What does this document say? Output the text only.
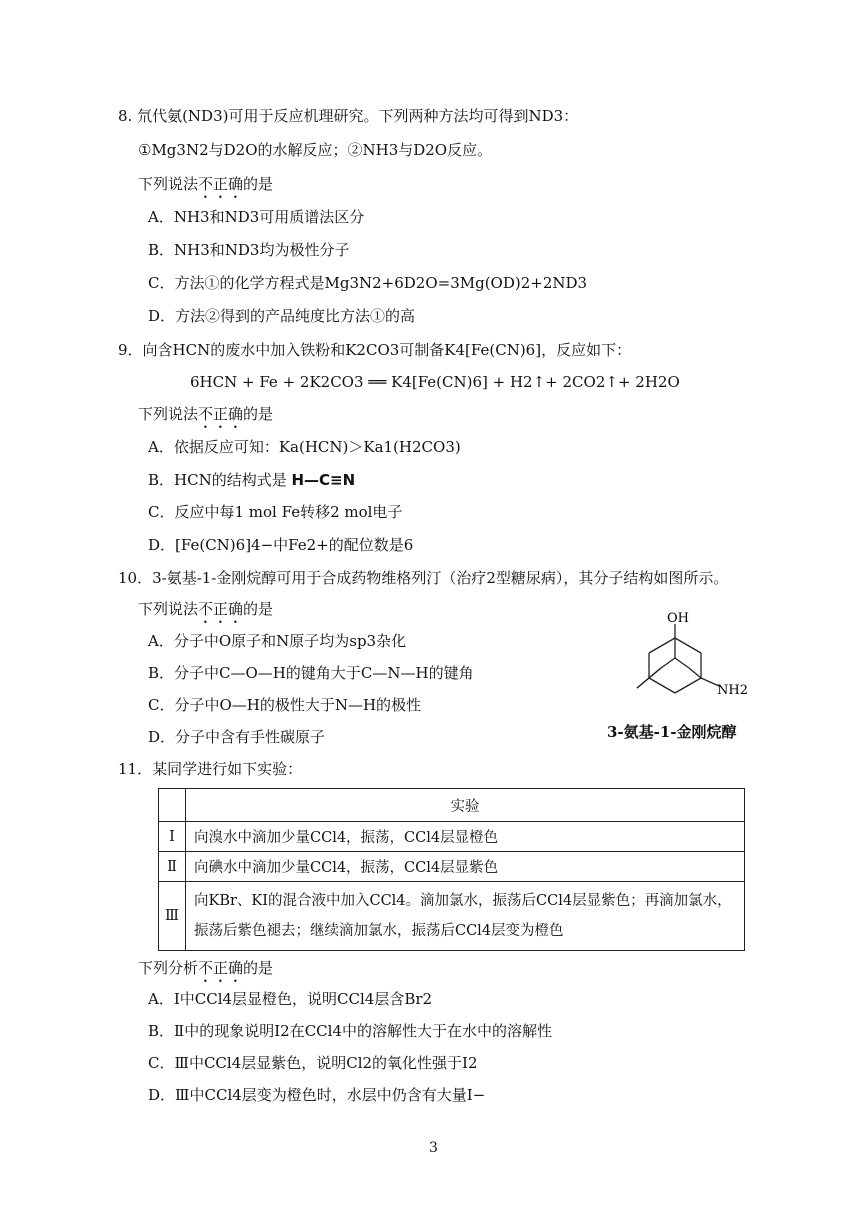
8. 氘代氨(ND3)可用于反应机理研究。下列两种方法均可得到ND3：
①Mg3N2与D2O的水解反应；②NH3与D2O反应。
下列说法不正确的是
A．NH3和ND3可用质谱法区分
B．NH3和ND3均为极性分子
C．方法①的化学方程式是Mg3N2+6D2O=3Mg(OD)2+2ND3
D．方法②得到的产品纯度比方法①的高
9．向含HCN的废水中加入铁粉和K2CO3可制备K4[Fe(CN)6]，反应如下：
6HCN + Fe + 2K2CO3 ══ K4[Fe(CN)6] + H2↑+ 2CO2↑+ 2H2O
下列说法不正确的是
A．依据反应可知：Ka(HCN)＞Ka1(H2CO3)
B．HCN的结构式是 H—C≡N
C．反应中每1 mol Fe转移2 mol电子
D．[Fe(CN)6]4−中Fe2+的配位数是6
10．3-氨基-1-金刚烷醇可用于合成药物维格列汀（治疗2型糖尿病），其分子结构如图所示。
下列说法不正确的是
A．分子中O原子和N原子均为sp3杂化
B．分子中C—O—H的键角大于C—N—H的键角
C．分子中O—H的极性大于N—H的极性
D．分子中含有手性碳原子
OH
NH2
3-氨基-1-金刚烷醇
11．某同学进行如下实验：
	实验
Ⅰ	向溴水中滴加少量CCl4，振荡，CCl4层显橙色
Ⅱ	向碘水中滴加少量CCl4，振荡，CCl4层显紫色
Ⅲ	向KBr、KI的混合液中加入CCl4。滴加氯水，振荡后CCl4层显紫色；再滴加氯水，振荡后紫色褪去；继续滴加氯水，振荡后CCl4层变为橙色
下列分析不正确的是
A．Ⅰ中CCl4层显橙色，说明CCl4层含Br2
B．Ⅱ中的现象说明I2在CCl4中的溶解性大于在水中的溶解性
C．Ⅲ中CCl4层显紫色，说明Cl2的氧化性强于I2
D．Ⅲ中CCl4层变为橙色时，水层中仍含有大量I−
3
